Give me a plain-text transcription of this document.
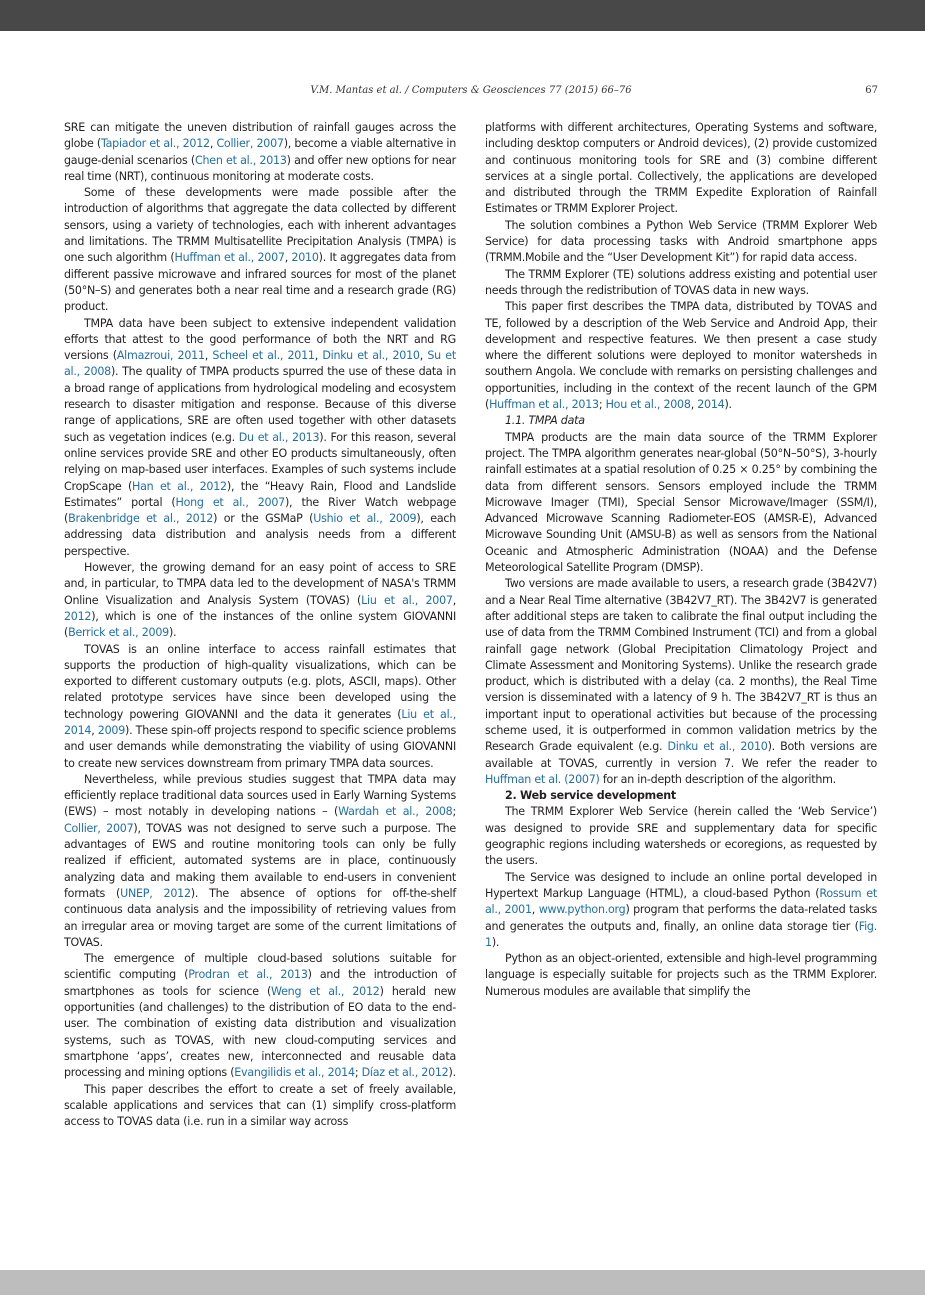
V.M. Mantas et al. / Computers & Geosciences 77 (2015) 66–76	67

SRE can mitigate the uneven distribution of rainfall gauges across the globe (Tapiador et al., 2012, Collier, 2007), become a viable alternative in gauge-denial scenarios (Chen et al., 2013) and offer new options for near real time (NRT), continuous monitoring at moderate costs.

Some of these developments were made possible after the introduction of algorithms that aggregate the data collected by different sensors, using a variety of technologies, each with inherent advantages and limitations. The TRMM Multisatellite Precipitation Analysis (TMPA) is one such algorithm (Huffman et al., 2007, 2010). It aggregates data from different passive microwave and infrared sources for most of the planet (50°N–S) and generates both a near real time and a research grade (RG) product.

TMPA data have been subject to extensive independent validation efforts that attest to the good performance of both the NRT and RG versions (Almazroui, 2011, Scheel et al., 2011, Dinku et al., 2010, Su et al., 2008). The quality of TMPA products spurred the use of these data in a broad range of applications from hydrological modeling and ecosystem research to disaster mitigation and response. Because of this diverse range of applications, SRE are often used together with other datasets such as vegetation indices (e.g. Du et al., 2013). For this reason, several online services provide SRE and other EO products simultaneously, often relying on map-based user interfaces. Examples of such systems include CropScape (Han et al., 2012), the “Heavy Rain, Flood and Landslide Estimates” portal (Hong et al., 2007), the River Watch webpage (Brakenbridge et al., 2012) or the GSMaP (Ushio et al., 2009), each addressing data distribution and analysis needs from a different perspective.

However, the growing demand for an easy point of access to SRE and, in particular, to TMPA data led to the development of NASA's TRMM Online Visualization and Analysis System (TOVAS) (Liu et al., 2007, 2012), which is one of the instances of the online system GIOVANNI (Berrick et al., 2009).

TOVAS is an online interface to access rainfall estimates that supports the production of high-quality visualizations, which can be exported to different customary outputs (e.g. plots, ASCII, maps). Other related prototype services have since been developed using the technology powering GIOVANNI and the data it generates (Liu et al., 2014, 2009). These spin-off projects respond to specific science problems and user demands while demonstrating the viability of using GIOVANNI to create new services downstream from primary TMPA data sources.

Nevertheless, while previous studies suggest that TMPA data may efficiently replace traditional data sources used in Early Warning Systems (EWS) – most notably in developing nations – (Wardah et al., 2008; Collier, 2007), TOVAS was not designed to serve such a purpose. The advantages of EWS and routine monitoring tools can only be fully realized if efficient, automated systems are in place, continuously analyzing data and making them available to end-users in convenient formats (UNEP, 2012). The absence of options for off-the-shelf continuous data analysis and the impossibility of retrieving values from an irregular area or moving target are some of the current limitations of TOVAS.

The emergence of multiple cloud-based solutions suitable for scientific computing (Prodran et al., 2013) and the introduction of smartphones as tools for science (Weng et al., 2012) herald new opportunities (and challenges) to the distribution of EO data to the end-user. The combination of existing data distribution and visualization systems, such as TOVAS, with new cloud-computing services and smartphone ‘apps’, creates new, interconnected and reusable data processing and mining options (Evangilidis et al., 2014; Díaz et al., 2012).

This paper describes the effort to create a set of freely available, scalable applications and services that can (1) simplify cross-platform access to TOVAS data (i.e. run in a similar way across

platforms with different architectures, Operating Systems and software, including desktop computers or Android devices), (2) provide customized and continuous monitoring tools for SRE and (3) combine different services at a single portal. Collectively, the applications are developed and distributed through the TRMM Expedite Exploration of Rainfall Estimates or TRMM Explorer Project.

The solution combines a Python Web Service (TRMM Explorer Web Service) for data processing tasks with Android smartphone apps (TRMM.Mobile and the “User Development Kit”) for rapid data access.

The TRMM Explorer (TE) solutions address existing and potential user needs through the redistribution of TOVAS data in new ways.

This paper first describes the TMPA data, distributed by TOVAS and TE, followed by a description of the Web Service and Android App, their development and respective features. We then present a case study where the different solutions were deployed to monitor watersheds in southern Angola. We conclude with remarks on persisting challenges and opportunities, including in the context of the recent launch of the GPM (Huffman et al., 2013; Hou et al., 2008, 2014).

1.1. TMPA data

TMPA products are the main data source of the TRMM Explorer project. The TMPA algorithm generates near-global (50°N–50°S), 3-hourly rainfall estimates at a spatial resolution of 0.25 × 0.25° by combining the data from different sensors. Sensors employed include the TRMM Microwave Imager (TMI), Special Sensor Microwave/Imager (SSM/I), Advanced Microwave Scanning Radiometer-EOS (AMSR-E), Advanced Microwave Sounding Unit (AMSU-B) as well as sensors from the National Oceanic and Atmospheric Administration (NOAA) and the Defense Meteorological Satellite Program (DMSP).

Two versions are made available to users, a research grade (3B42V7) and a Near Real Time alternative (3B42V7_RT). The 3B42V7 is generated after additional steps are taken to calibrate the final output including the use of data from the TRMM Combined Instrument (TCI) and from a global rainfall gage network (Global Precipitation Climatology Project and Climate Assessment and Monitoring Systems). Unlike the research grade product, which is distributed with a delay (ca. 2 months), the Real Time version is disseminated with a latency of 9 h. The 3B42V7_RT is thus an important input to operational activities but because of the processing scheme used, it is outperformed in common validation metrics by the Research Grade equivalent (e.g. Dinku et al., 2010). Both versions are available at TOVAS, currently in version 7. We refer the reader to Huffman et al. (2007) for an in-depth description of the algorithm.

2. Web service development

The TRMM Explorer Web Service (herein called the ‘Web Service’) was designed to provide SRE and supplementary data for specific geographic regions including watersheds or ecoregions, as requested by the users.

The Service was designed to include an online portal developed in Hypertext Markup Language (HTML), a cloud-based Python (Rossum et al., 2001, www.python.org) program that performs the data-related tasks and generates the outputs and, finally, an online data storage tier (Fig. 1).

Python as an object-oriented, extensible and high-level programming language is especially suitable for projects such as the TRMM Explorer. Numerous modules are available that simplify the
